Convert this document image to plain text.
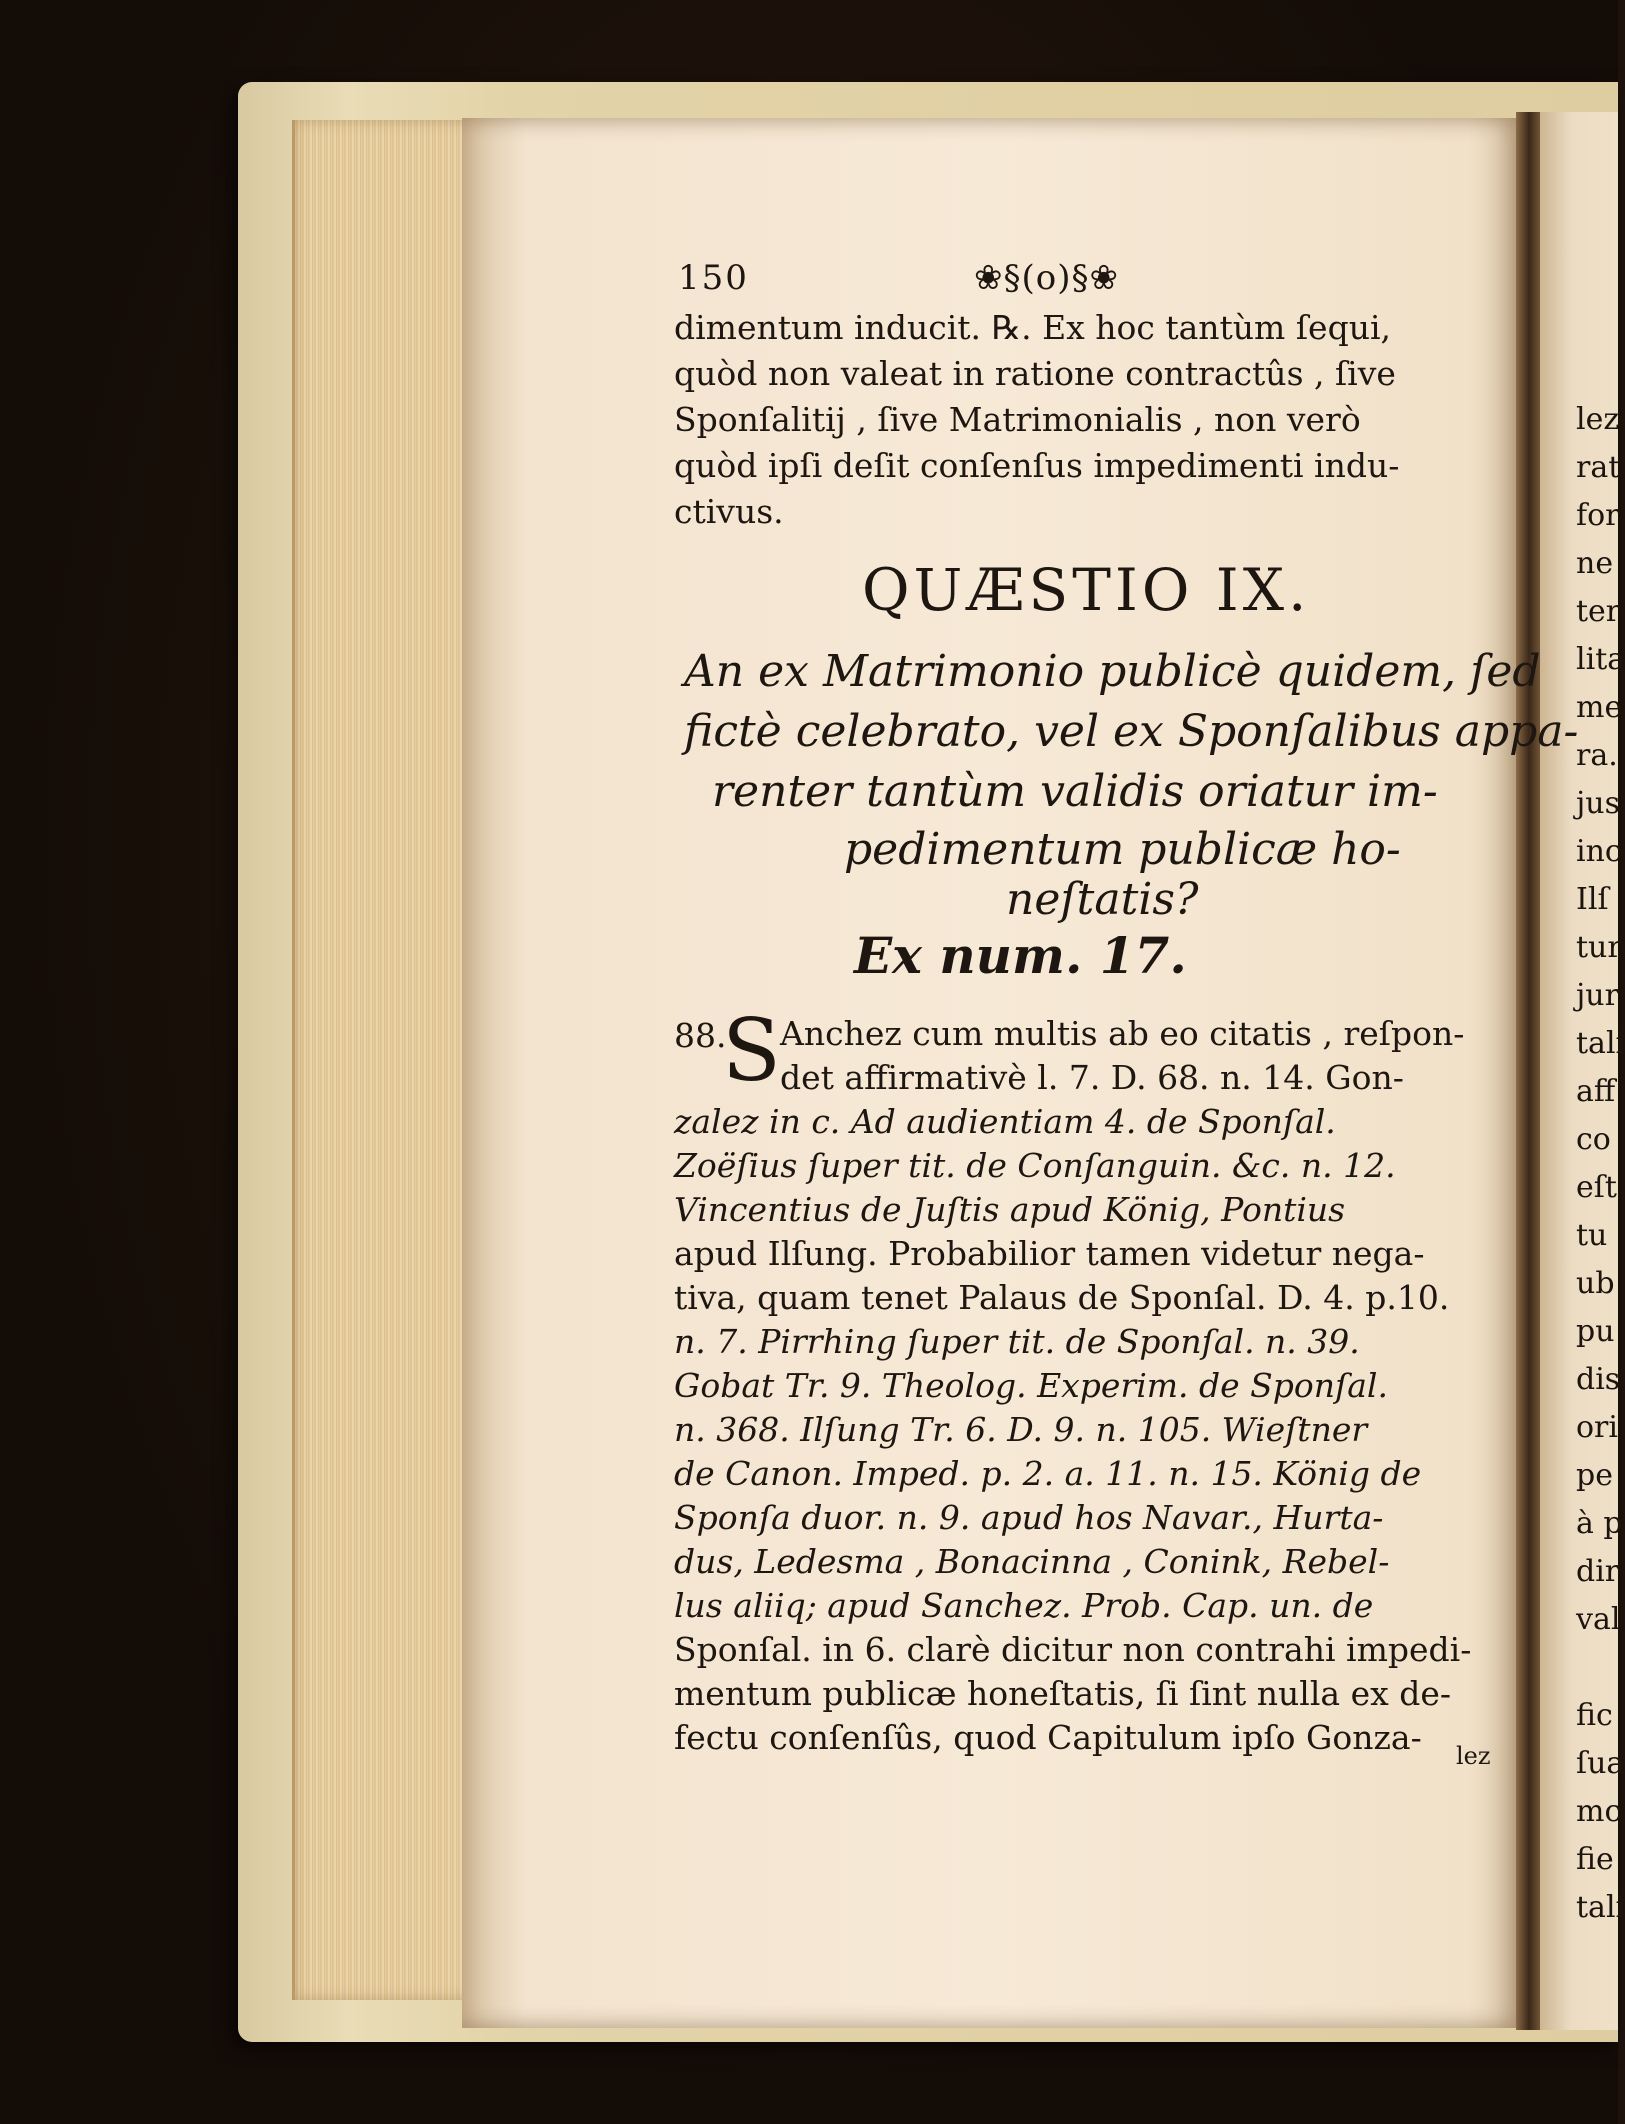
lez
rat
for
ne
ter
lita
me
ra.
jus
inc
Ilſ
tur
jur
tali
aff
co
eſt
tu
ub
pu
dis
ori
pe
à p
dir
val
fic
ſua
mc
fie
tali
150	❀§(o)§❀
dimentum inducit. ℞. Ex hoc tantùm ſequi,
quòd non valeat in ratione contractûs , ſive
Sponſalitij , ſive Matrimonialis , non verò
quòd ipſi deſit conſenſus impedimenti indu-
ctivus.
QUÆSTIO IX.
An ex Matrimonio publicè quidem, ſed
fictè celebrato, vel ex Sponſalibus appa-
renter tantùm validis oriatur im-
pedimentum publicæ ho-
neſtatis?
Ex num. 17.
88.
S Anchez cum multis ab eo citatis , reſpon-
det affirmativè l. 7. D. 68. n. 14. Gon-
zalez in c. Ad audientiam 4. de Sponſal.
Zoëſius ſuper tit. de Conſanguin. &c. n. 12.
Vincentius de Juſtis apud König, Pontius
apud Ilſung. Probabilior tamen videtur nega-
tiva, quam tenet Palaus de Sponſal. D. 4. p.10.
n. 7. Pirrhing ſuper tit. de Sponſal. n. 39.
Gobat Tr. 9. Theolog. Experim. de Sponſal.
n. 368. Ilſung Tr. 6. D. 9. n. 105. Wieſtner
de Canon. Imped. p. 2. a. 11. n. 15. König de
Sponſa duor. n. 9. apud hos Navar., Hurta-
dus, Ledesma , Bonacinna , Conink, Rebel-
lus aliiq; apud Sanchez. Prob. Cap. un. de
Sponſal. in 6. clarè dicitur non contrahi impedi-
mentum publicæ honeſtatis, ſi ſint nulla ex de-
fectu conſenſûs, quod Capitulum ipſo Gonza-	lez
